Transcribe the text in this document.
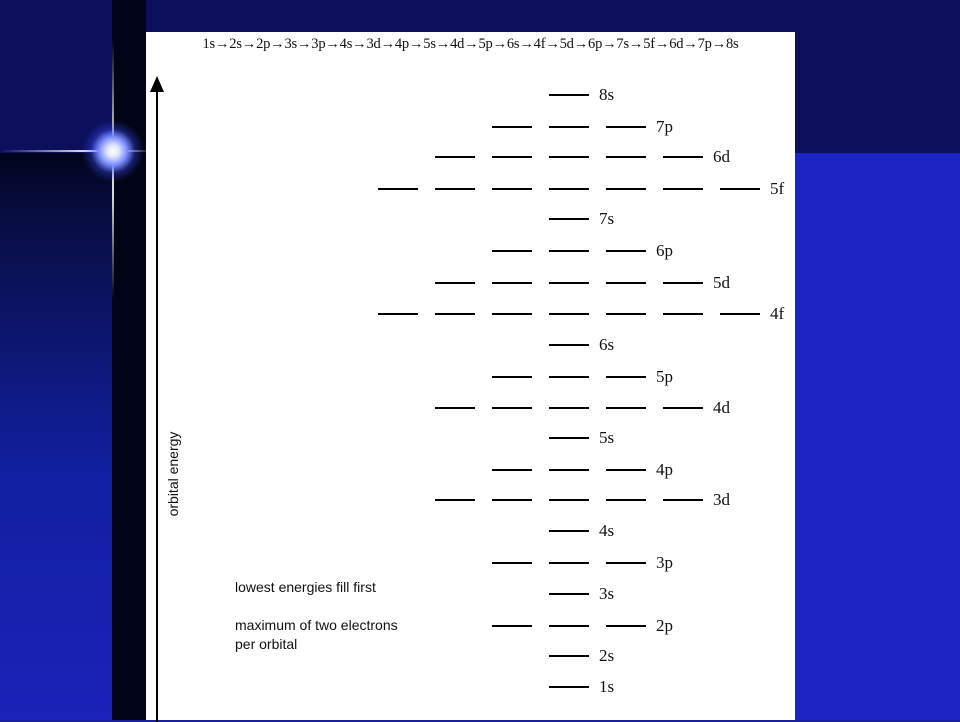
1s→2s→2p→3s→3p→4s→3d→4p→5s→4d→5p→6s→4f→5d→6p→7s→5f→6d→7p→8s
orbital energy
lowest energies fill first
maximum of two electrons
per orbital
1s
2s
2p
3s
3p
4s
3d
4p
5s
4d
5p
6s
4f
5d
6p
7s
5f
6d
7p
8s
